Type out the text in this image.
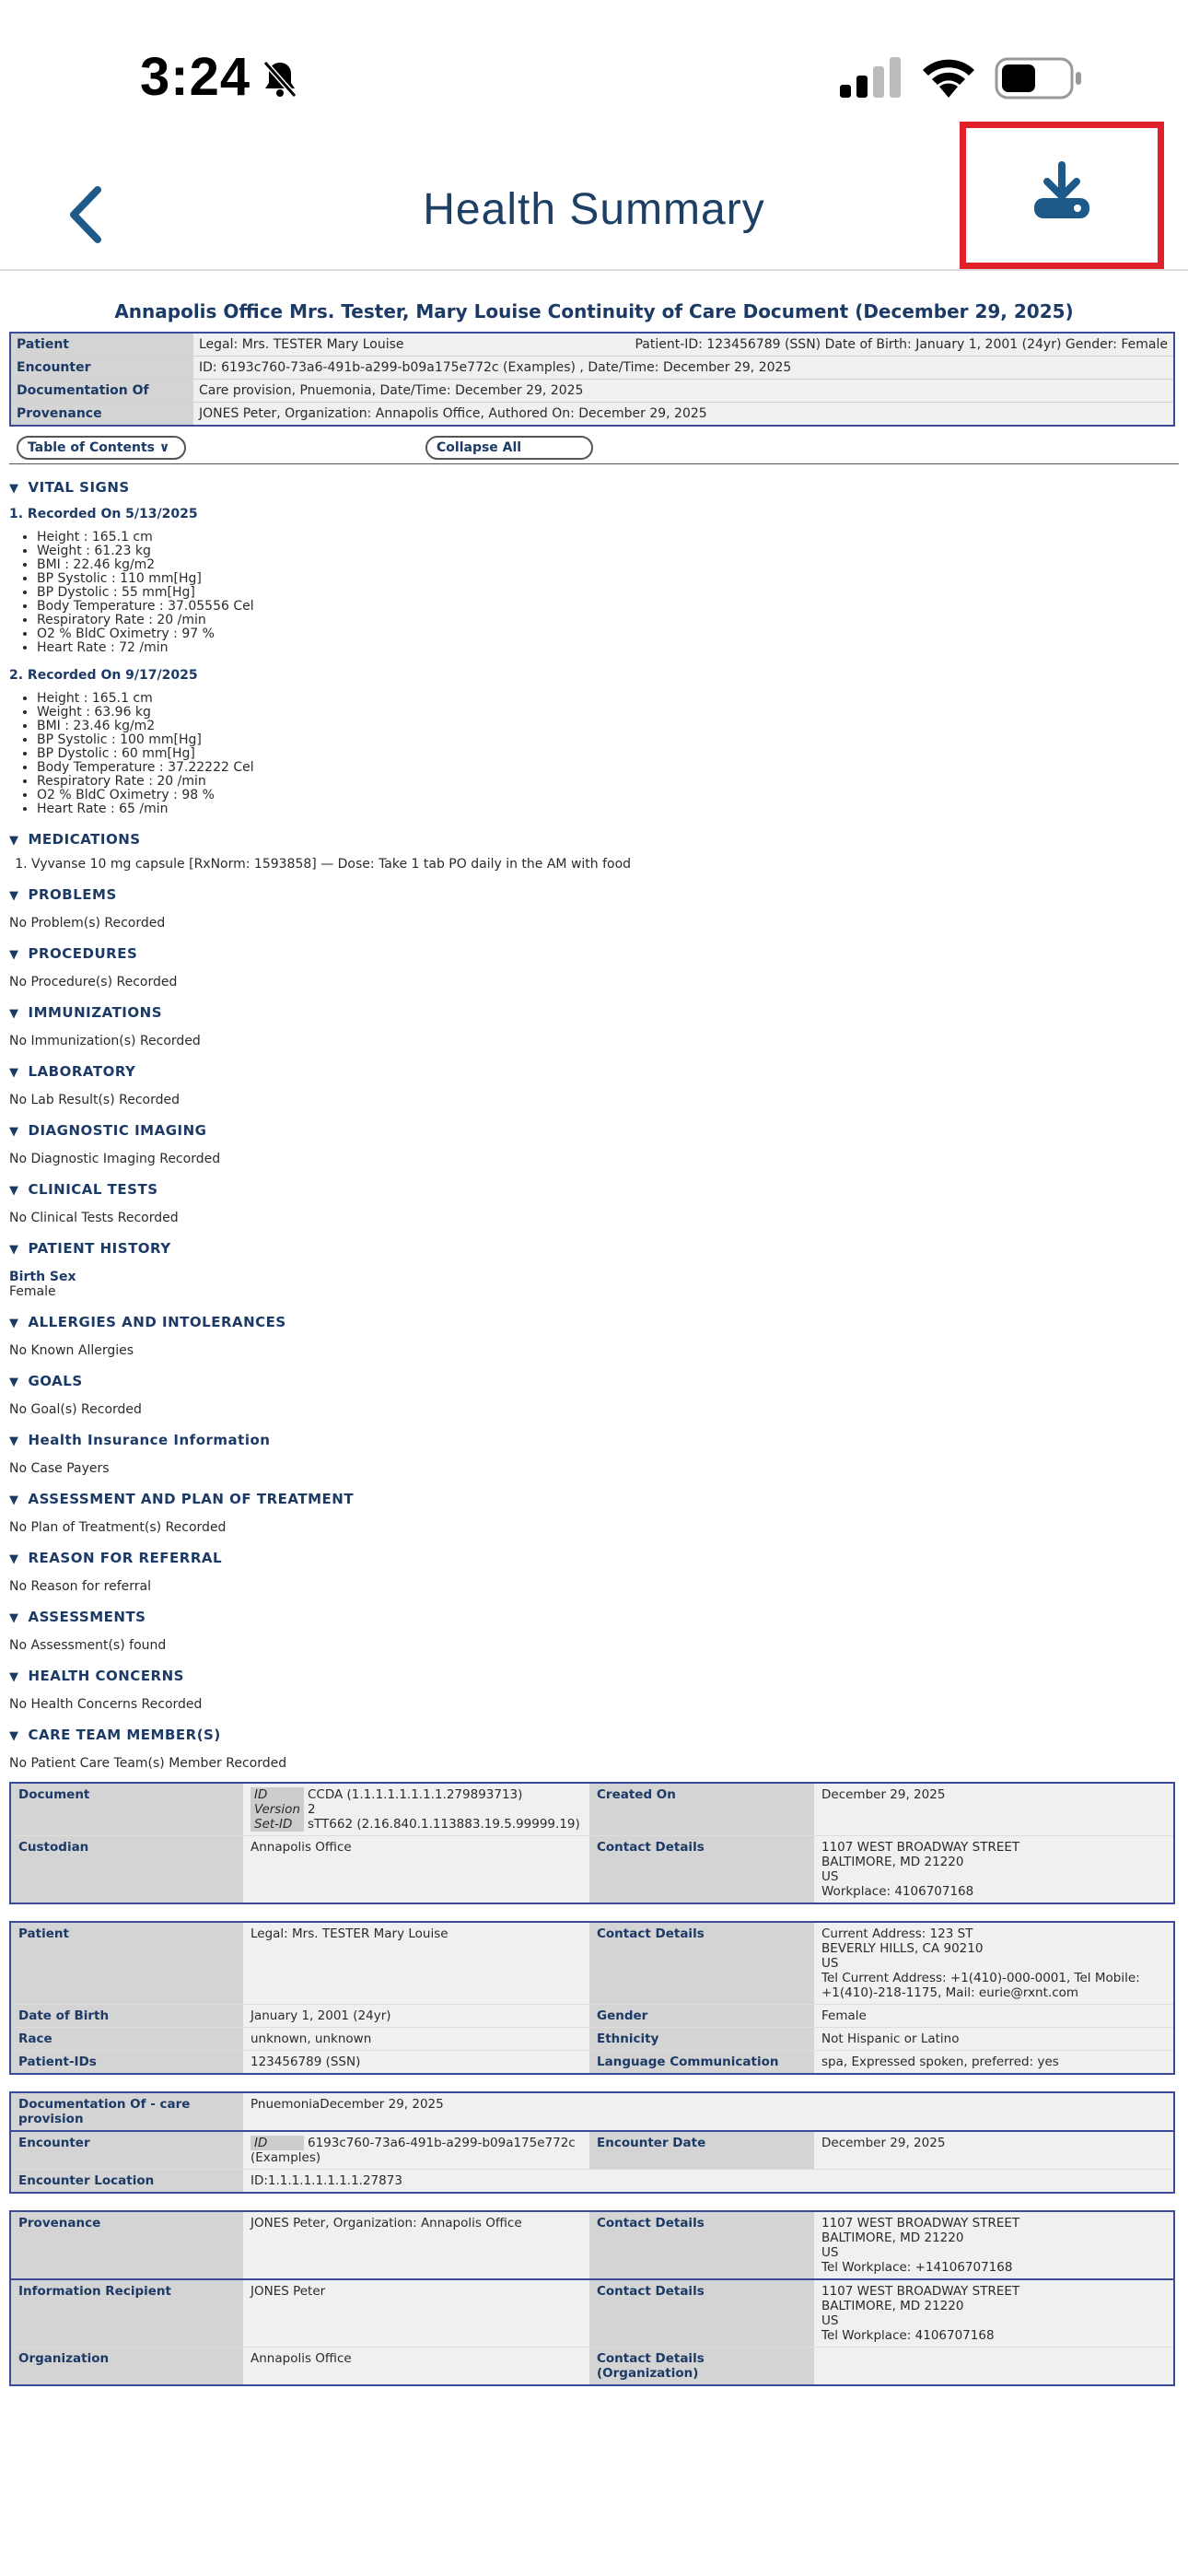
3:24
Health Summary
Annapolis Office Mrs. Tester, Mary Louise Continuity of Care Document (December 29, 2025)
Patient	Legal: Mrs. TESTER Mary Louise Patient-ID: 123456789 (SSN) Date of Birth: January 1, 2001 (24yr) Gender: Female

Encounter	ID: 6193c760-73a6-491b-a299-b09a175e772c (Examples) , Date/Time: December 29, 2025
Documentation Of	Care provision, Pnuemonia, Date/Time: December 29, 2025
Provenance	JONES Peter, Organization: Annapolis Office, Authored On: December 29, 2025
Table of Contents ∨	Collapse All
▼ VITAL SIGNS
1. Recorded On 5/13/2025
• Height : 165.1 cm
• Weight : 61.23 kg
• BMI : 22.46 kg/m2
• BP Systolic : 110 mm[Hg]
• BP Dystolic : 55 mm[Hg]
• Body Temperature : 37.05556 Cel
• Respiratory Rate : 20 /min
• O2 % BldC Oximetry : 97 %
• Heart Rate : 72 /min
2. Recorded On 9/17/2025
• Height : 165.1 cm
• Weight : 63.96 kg
• BMI : 23.46 kg/m2
• BP Systolic : 100 mm[Hg]
• BP Dystolic : 60 mm[Hg]
• Body Temperature : 37.22222 Cel
• Respiratory Rate : 20 /min
• O2 % BldC Oximetry : 98 %
• Heart Rate : 65 /min
▼ MEDICATIONS
1. Vyvanse 10 mg capsule [RxNorm: 1593858] — Dose: Take 1 tab PO daily in the AM with food
▼ PROBLEMS
No Problem(s) Recorded
▼ PROCEDURES
No Procedure(s) Recorded
▼ IMMUNIZATIONS
No Immunization(s) Recorded
▼ LABORATORY
No Lab Result(s) Recorded
▼ DIAGNOSTIC IMAGING
No Diagnostic Imaging Recorded
▼ CLINICAL TESTS
No Clinical Tests Recorded
▼ PATIENT HISTORY
Birth Sex
Female
▼ ALLERGIES AND INTOLERANCES
No Known Allergies
▼ GOALS
No Goal(s) Recorded
▼ Health Insurance Information
No Case Payers
▼ ASSESSMENT AND PLAN OF TREATMENT
No Plan of Treatment(s) Recorded
▼ REASON FOR REFERRAL
No Reason for referral
▼ ASSESSMENTS
No Assessment(s) found
▼ HEALTH CONCERNS
No Health Concerns Recorded
▼ CARE TEAM MEMBER(S)
No Patient Care Team(s) Member Recorded
Document	ID CCDA (1.1.1.1.1.1.1.1.279893713)
Version 2
Set-ID sTT662 (2.16.840.1.113883.19.5.99999.19)	Created On	December 29, 2025
Custodian	Annapolis Office	Contact Details	1107 WEST BROADWAY STREET
BALTIMORE, MD 21220
US
Workplace: 4106707168
Patient	Legal: Mrs. TESTER Mary Louise	Contact Details	Current Address: 123 ST
BEVERLY HILLS, CA 90210
US
Tel Current Address: +1(410)-000-0001, Tel Mobile: +1(410)-218-1175, Mail: eurie@rxnt.com

Date of Birth	January 1, 2001 (24yr)	Gender	Female
Race	unknown, unknown	Ethnicity	Not Hispanic or Latino
Patient-IDs	123456789 (SSN)	Language Communication	spa, Expressed spoken, preferred: yes
Documentation Of - care provision	PnuemoniaDecember 29, 2025		
Encounter	ID 6193c760-73a6-491b-a299-b09a175e772c (Examples)	Encounter Date	December 29, 2025
Encounter Location	ID:1.1.1.1.1.1.1.1.27873		
Provenance	JONES Peter, Organization: Annapolis Office	Contact Details	1107 WEST BROADWAY STREET
BALTIMORE, MD 21220
US
Tel Workplace: +14106707168

Information Recipient	JONES Peter	Contact Details	1107 WEST BROADWAY STREET
BALTIMORE, MD 21220
US
Tel Workplace: 4106707168

Organization	Annapolis Office	Contact Details (Organization)	
